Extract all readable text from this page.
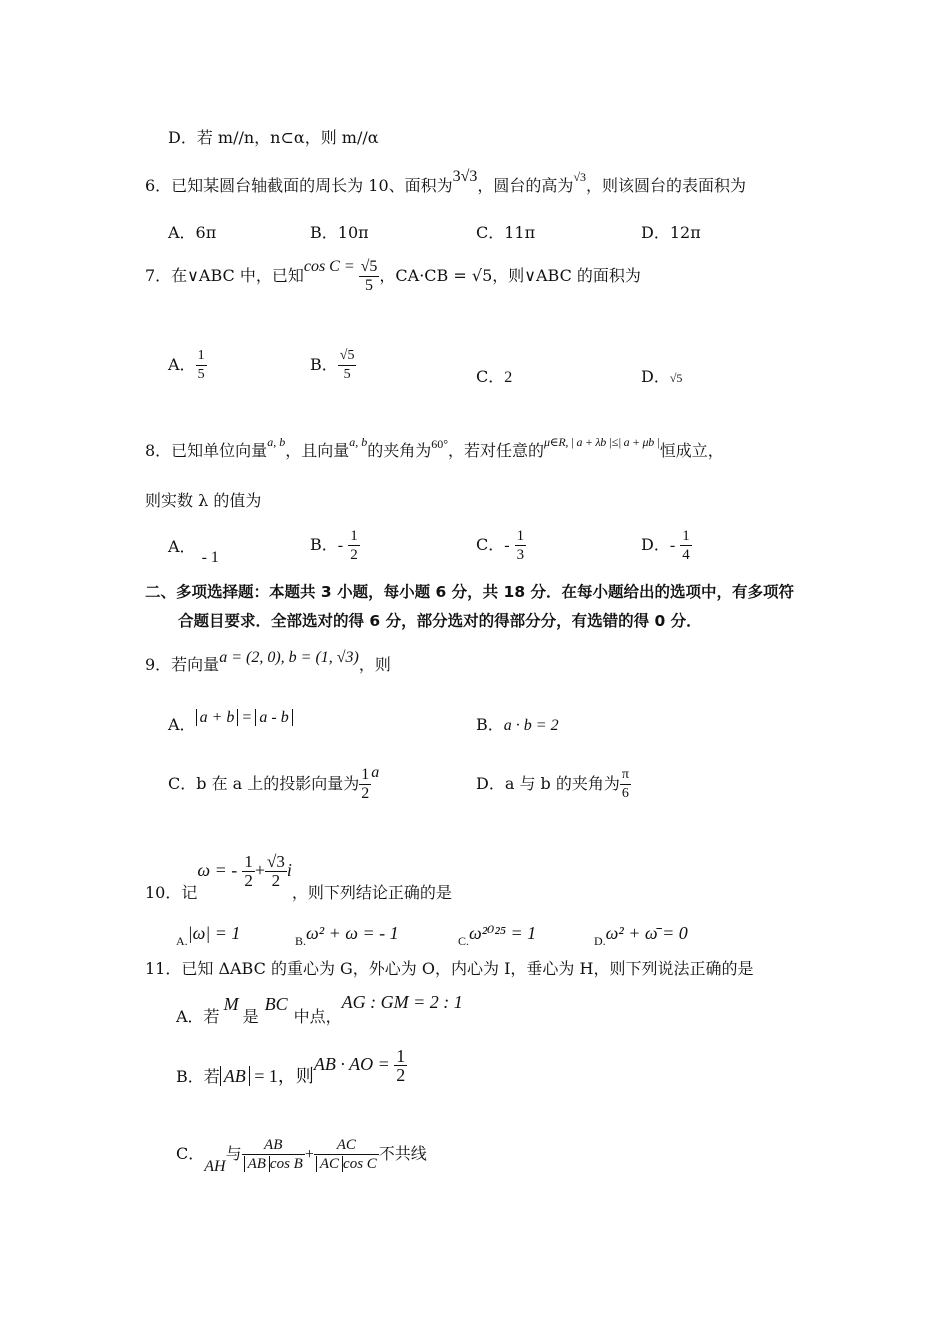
D．若 m//n，n⊂α，则 m//α
6．已知某圆台轴截面的周长为 10、面积为3√3，圆台的高为$^{√3}$，则该圆台的表面积为
A．6π	B．10π	C．11π	D．12π
7．在∨ABC 中，已知$\cos C = \frac{√5}{5}$ ，CA·CB = √5，则∨ABC 的面积为
A． $\frac{1}{5}$	B． $\frac{√5}{5}$	C．2	D．√5
8．已知单位向量$^{a, b}$，且向量$^{a, b}$的夹角为$^{60^\circ}$，若对任意的$^{\mu\in R, | a + \lambda b |\le| a + \mu b |}$恒成立，
则实数 λ 的值为
A．- 1
B．- $\frac{1}{2}$	C．- $\frac{1}{3}$	D．- $\frac{1}{4}$
二、多项选择题：本题共 3 小题，每小题 6 分，共 18 分．在每小题给出的选项中，有多项符
合题目要求．全部选对的得 6 分，部分选对的得部分分，有选错的得 0 分．
9．若向量a = (2, 0), b = (1, √3)，则
A． a + b = a - b	B．a · b = 2
C．b 在 a 上的投影向量为 $\frac{1}{2}$ a
D．a 与 b 的夹角为 $\frac{\pi}{6}$
10．记ω = - $\frac{1}{2} + \frac{√3}{2}$ i，则下列结论正确的是
$_{A.}$|ω| = 1	$_{B.}$ω² + ω = - 1	$_{C.}$ω²⁰²⁵ = 1	$_{D.}$ω² + ω̄ = 0
11．已知 ΔABC 的重心为 G，外心为 O，内心为 I，垂心为 H，则下列说法正确的是
A．若M是BC中点，AG : GM = 2 : 1
B．若 AB = 1，则AB · AO = $\frac{1}{2}$
C．AH与 $\frac{AB}{\text{AB cos B}} + \frac{AC}{\text{AC cos C}}$ 不共线
